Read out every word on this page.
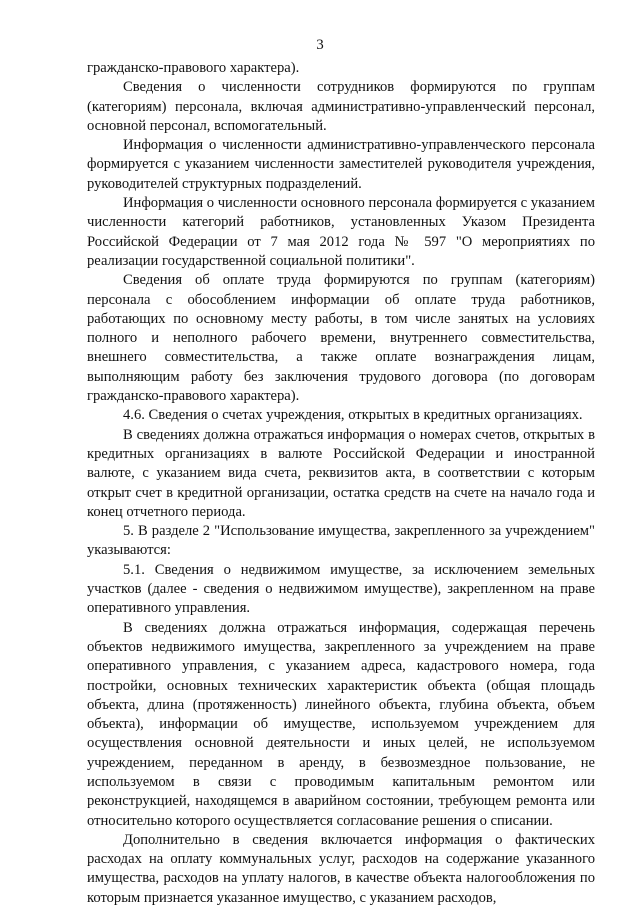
3

гражданско-правового характера).

Сведения о численности сотрудников формируются по группам (категориям) персонала, включая административно-управленческий персонал, основной персонал, вспомогательный.

Информация о численности административно-управленческого персонала формируется с указанием численности заместителей руководителя учреждения, руководителей структурных подразделений.

Информация о численности основного персонала формируется с указанием численности категорий работников, установленных Указом Президента Российской Федерации от 7 мая 2012 года № 597 "О мероприятиях по реализации государственной социальной политики".

Сведения об оплате труда формируются по группам (категориям) персонала с обособлением информации об оплате труда работников, работающих по основному месту работы, в том числе занятых на условиях полного и неполного рабочего времени, внутреннего совместительства, внешнего совместительства, а также оплате вознаграждения лицам, выполняющим работу без заключения трудового договора (по договорам гражданско-правового характера).

4.6. Сведения о счетах учреждения, открытых в кредитных организациях.

В сведениях должна отражаться информация о номерах счетов, открытых в кредитных организациях в валюте Российской Федерации и иностранной валюте, с указанием вида счета, реквизитов акта, в соответствии с которым открыт счет в кредитной организации, остатка средств на счете на начало года и конец отчетного периода.

5. В разделе 2 "Использование имущества, закрепленного за учреждением" указываются:

5.1. Сведения о недвижимом имуществе, за исключением земельных участков (далее - сведения о недвижимом имуществе), закрепленном на праве оперативного управления.

В сведениях должна отражаться информация, содержащая перечень объектов недвижимого имущества, закрепленного за учреждением на праве оперативного управления, с указанием адреса, кадастрового номера, года постройки, основных технических характеристик объекта (общая площадь объекта, длина (протяженность) линейного объекта, глубина объекта, объем объекта), информации об имуществе, используемом учреждением для осуществления основной деятельности и иных целей, не используемом учреждением, переданном в аренду, в безвозмездное пользование, не используемом в связи с проводимым капитальным ремонтом или реконструкцией, находящемся в аварийном состоянии, требующем ремонта или относительно которого осуществляется согласование решения о списании.

Дополнительно в сведения включается информация о фактических расходах на оплату коммунальных услуг, расходов на содержание указанного имущества, расходов на уплату налогов, в качестве объекта налогообложения по которым признается указанное имущество, с указанием расходов,
